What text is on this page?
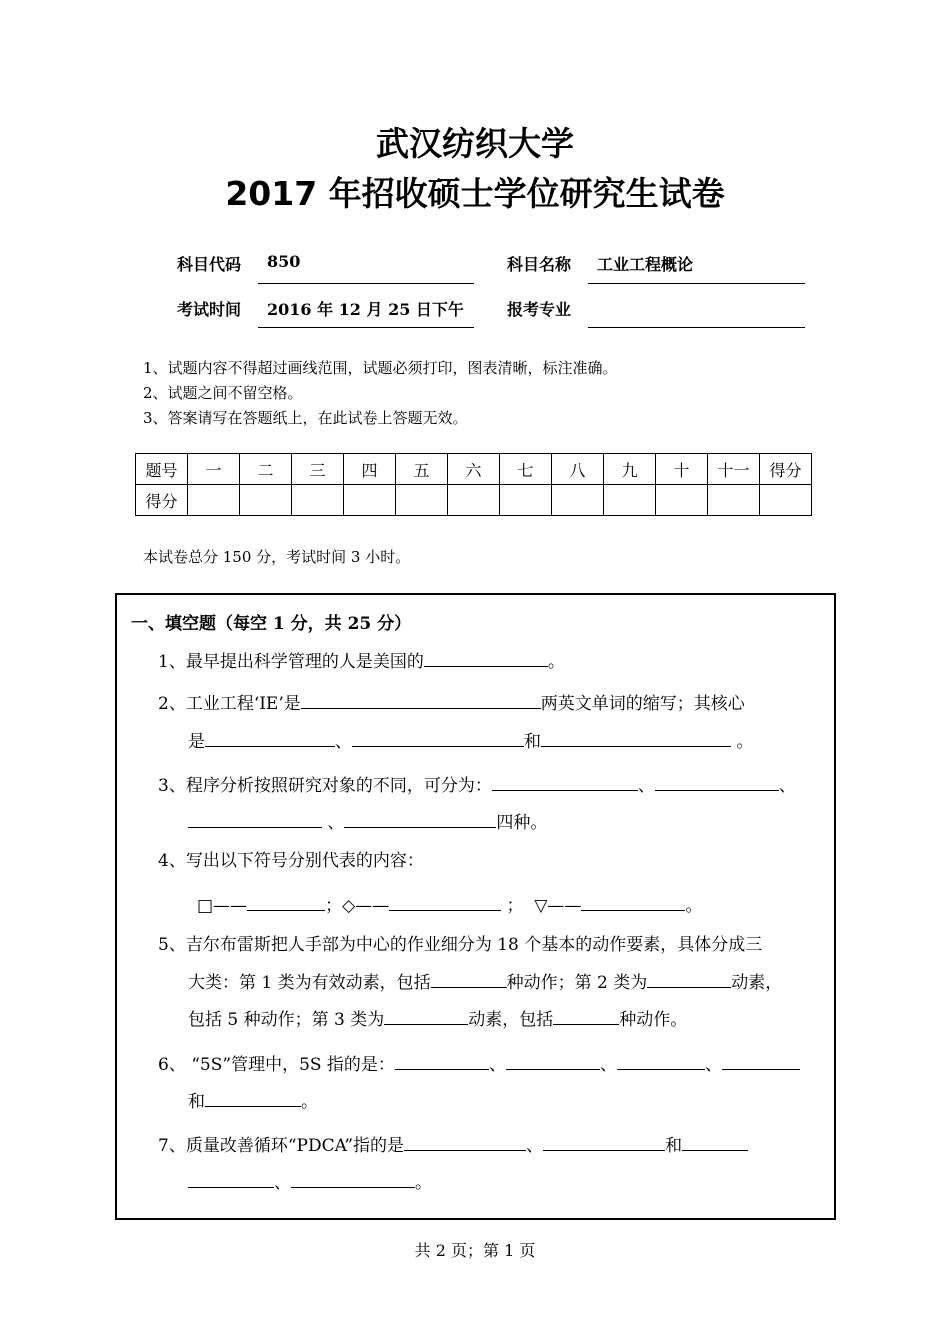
武汉纺织大学
2017 年招收硕士学位研究生试卷
科目代码 850	科目名称 工业工程概论
考试时间 2016 年 12 月 25 日下午	报考专业
1、试题内容不得超过画线范围，试题必须打印，图表清晰，标注准确。
2、试题之间不留空格。
3、答案请写在答题纸上，在此试卷上答题无效。
题号	一	二	三	四	五	六	七	八	九	十	十一	得分
得分												
本试卷总分 150 分，考试时间 3 小时。
一、填空题（每空 1 分，共 25 分）
1、最早提出科学管理的人是美国的	。
2、工业工程‘IE’是	两英文单词的缩写；其核心
是	、	和	。
3、程序分析按照研究对象的不同，可分为：	、	、
、	四种。
4、写出以下符号分别代表的内容：
□——	；◇——	； ▽——	。
5、吉尔布雷斯把人手部为中心的作业细分为 18 个基本的动作要素，具体分成三
大类：第 1 类为有效动素，包括	种动作；第 2 类为	动素，
包括 5 种动作；第 3 类为	动素，包括	种动作。
6、 “5S”管理中，5S 指的是：	、	、	、
和	。
7、质量改善循环“PDCA”指的是	、	和
、	。
共 2 页；第 1 页
